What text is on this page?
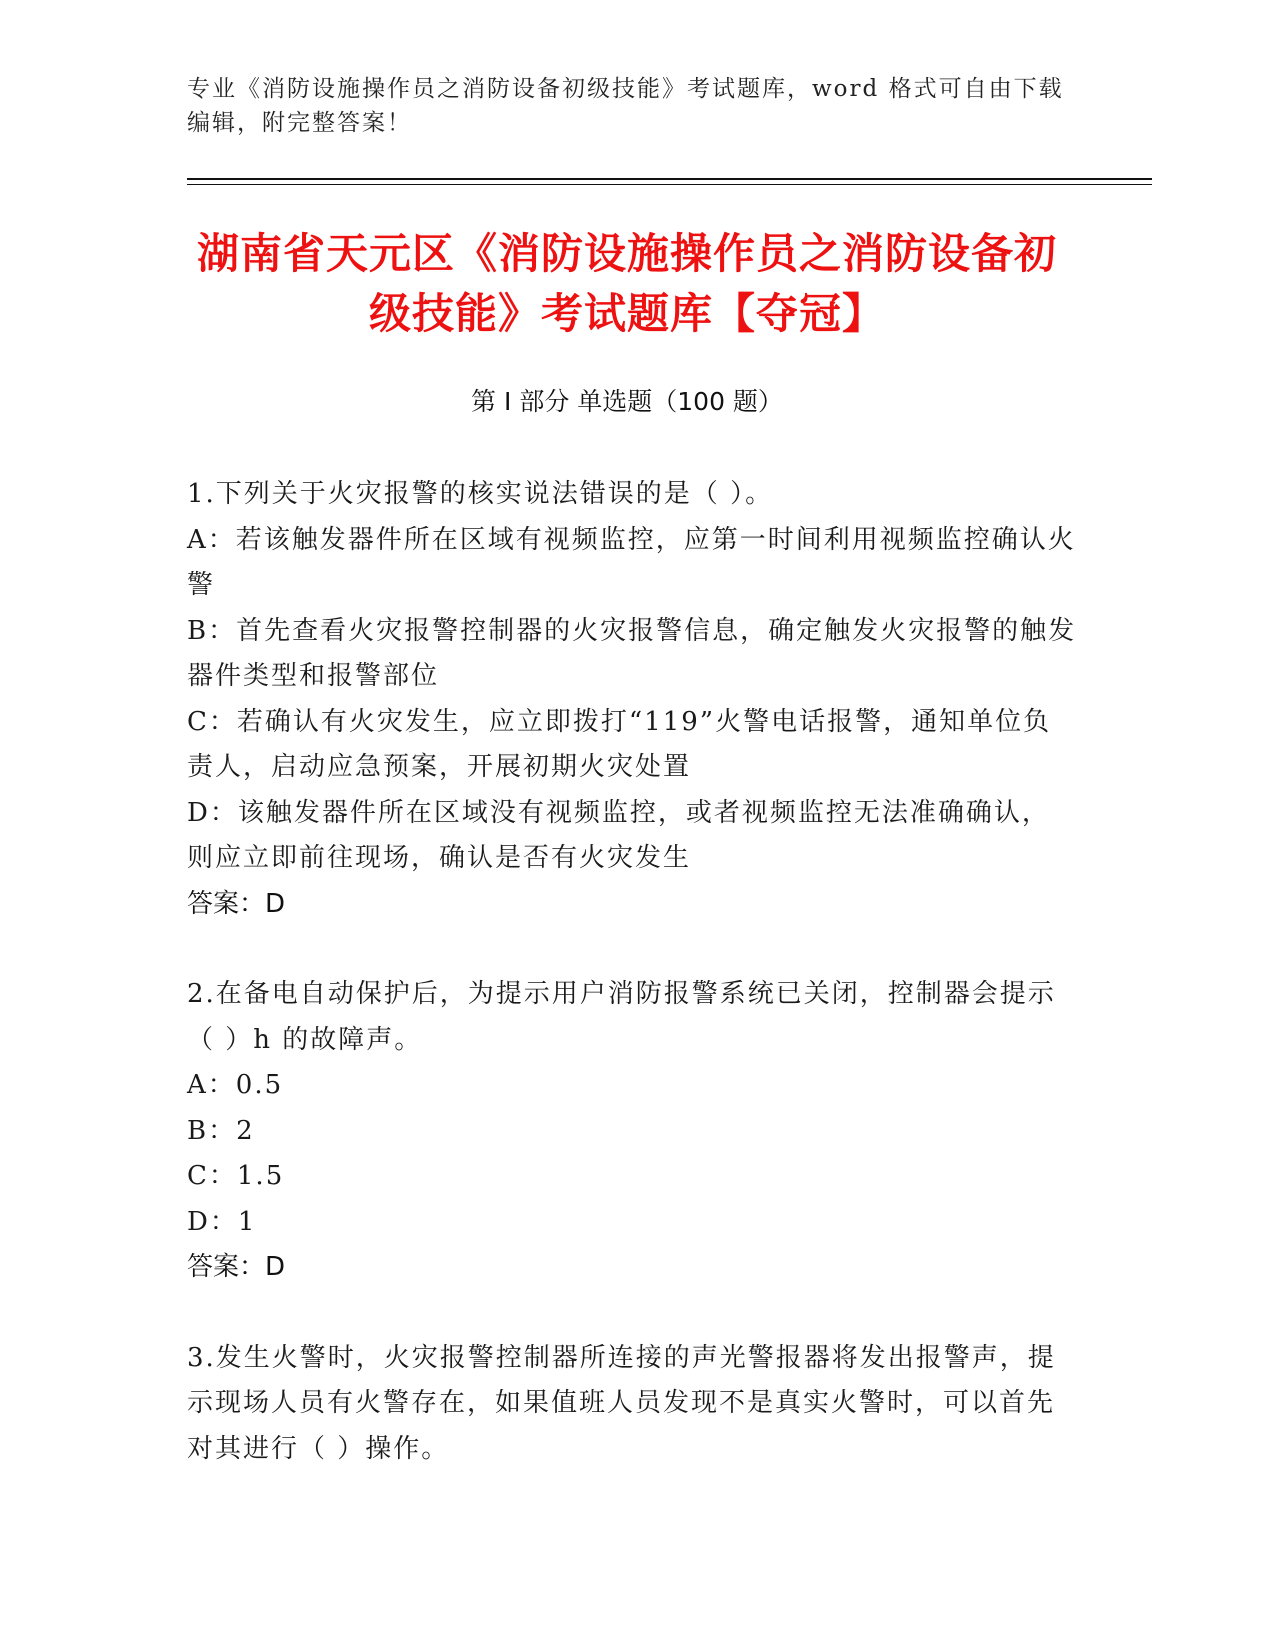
专业《消防设施操作员之消防设备初级技能》考试题库，word 格式可自由下载编辑，附完整答案！
湖南省天元区《消防设施操作员之消防设备初级技能》考试题库【夺冠】
第 I 部分 单选题（100 题）
1.下列关于火灾报警的核实说法错误的是（ ）。
A：若该触发器件所在区域有视频监控，应第一时间利用视频监控确认火警
B：首先查看火灾报警控制器的火灾报警信息，确定触发火灾报警的触发器件类型和报警部位
C：若确认有火灾发生，应立即拨打“119”火警电话报警，通知单位负责人，启动应急预案，开展初期火灾处置
D：该触发器件所在区域没有视频监控，或者视频监控无法准确确认，则应立即前往现场，确认是否有火灾发生
答案：D
2.在备电自动保护后，为提示用户消防报警系统已关闭，控制器会提示（ ）h 的故障声。
A：0.5
B：2
C：1.5
D：1
答案：D
3.发生火警时，火灾报警控制器所连接的声光警报器将发出报警声，提示现场人员有火警存在，如果值班人员发现不是真实火警时，可以首先对其进行（ ）操作。
